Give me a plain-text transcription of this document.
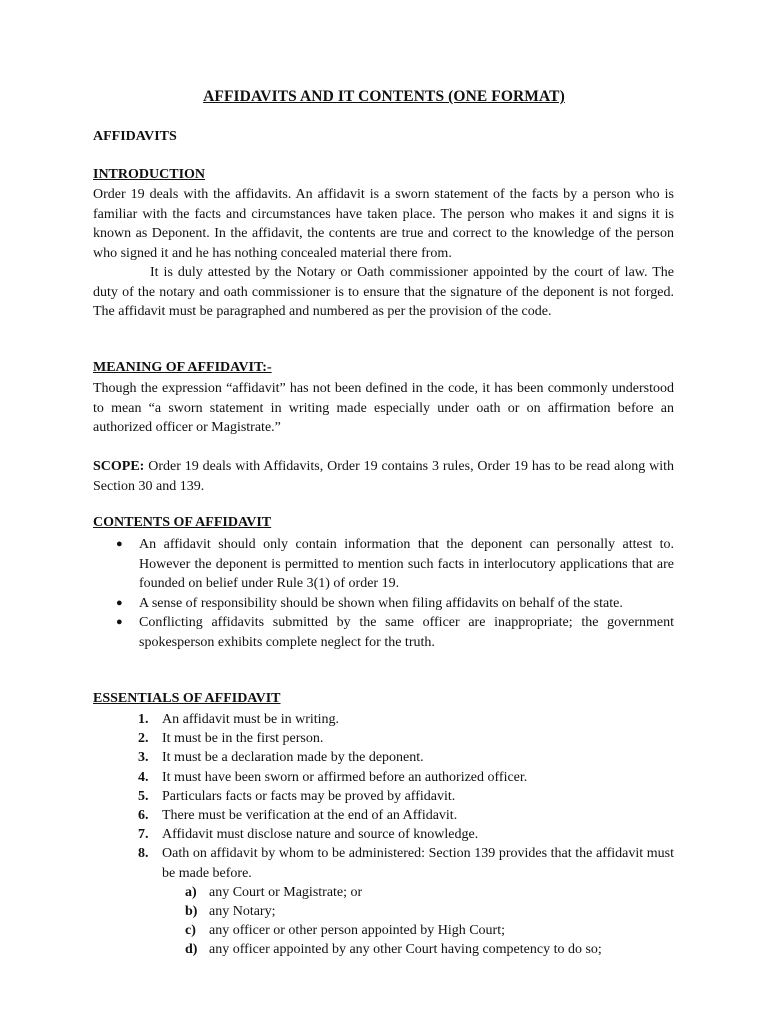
AFFIDAVITS AND IT CONTENTS (ONE FORMAT)
AFFIDAVITS
INTRODUCTION

Order 19 deals with the affidavits. An affidavit is a sworn statement of the facts by a person who is familiar with the facts and circumstances have taken place. The person who makes it and signs it is known as Deponent. In the affidavit, the contents are true and correct to the knowledge of the person who signed it and he has nothing concealed material there from.

It is duly attested by the Notary or Oath commissioner appointed by the court of law. The duty of the notary and oath commissioner is to ensure that the signature of the deponent is not forged. The affidavit must be paragraphed and numbered as per the provision of the code.

MEANING OF AFFIDAVIT:-

Though the expression “affidavit” has not been defined in the code, it has been commonly understood to mean “a sworn statement in writing made especially under oath or on affirmation before an authorized officer or Magistrate.”

SCOPE: Order 19 deals with Affidavits, Order 19 contains 3 rules, Order 19 has to be read along with Section 30 and 139.

CONTENTS OF AFFIDAVIT
● An affidavit should only contain information that the deponent can personally attest to. However the deponent is permitted to mention such facts in interlocutory applications that are founded on belief under Rule 3(1) of order 19.
● A sense of responsibility should be shown when filing affidavits on behalf of the state.
● Conflicting affidavits submitted by the same officer are inappropriate; the government spokesperson exhibits complete neglect for the truth.
ESSENTIALS OF AFFIDAVIT
1. An affidavit must be in writing.
2. It must be in the first person.
3. It must be a declaration made by the deponent.
4. It must have been sworn or affirmed before an authorized officer.
5. Particulars facts or facts may be proved by affidavit.
6. There must be verification at the end of an Affidavit.
7. Affidavit must disclose nature and source of knowledge.
8. Oath on affidavit by whom to be administered: Section 139 provides that the affidavit must be made before.
a) any Court or Magistrate; or
b) any Notary;
c) any officer or other person appointed by High Court;
d) any officer appointed by any other Court having competency to do so;
